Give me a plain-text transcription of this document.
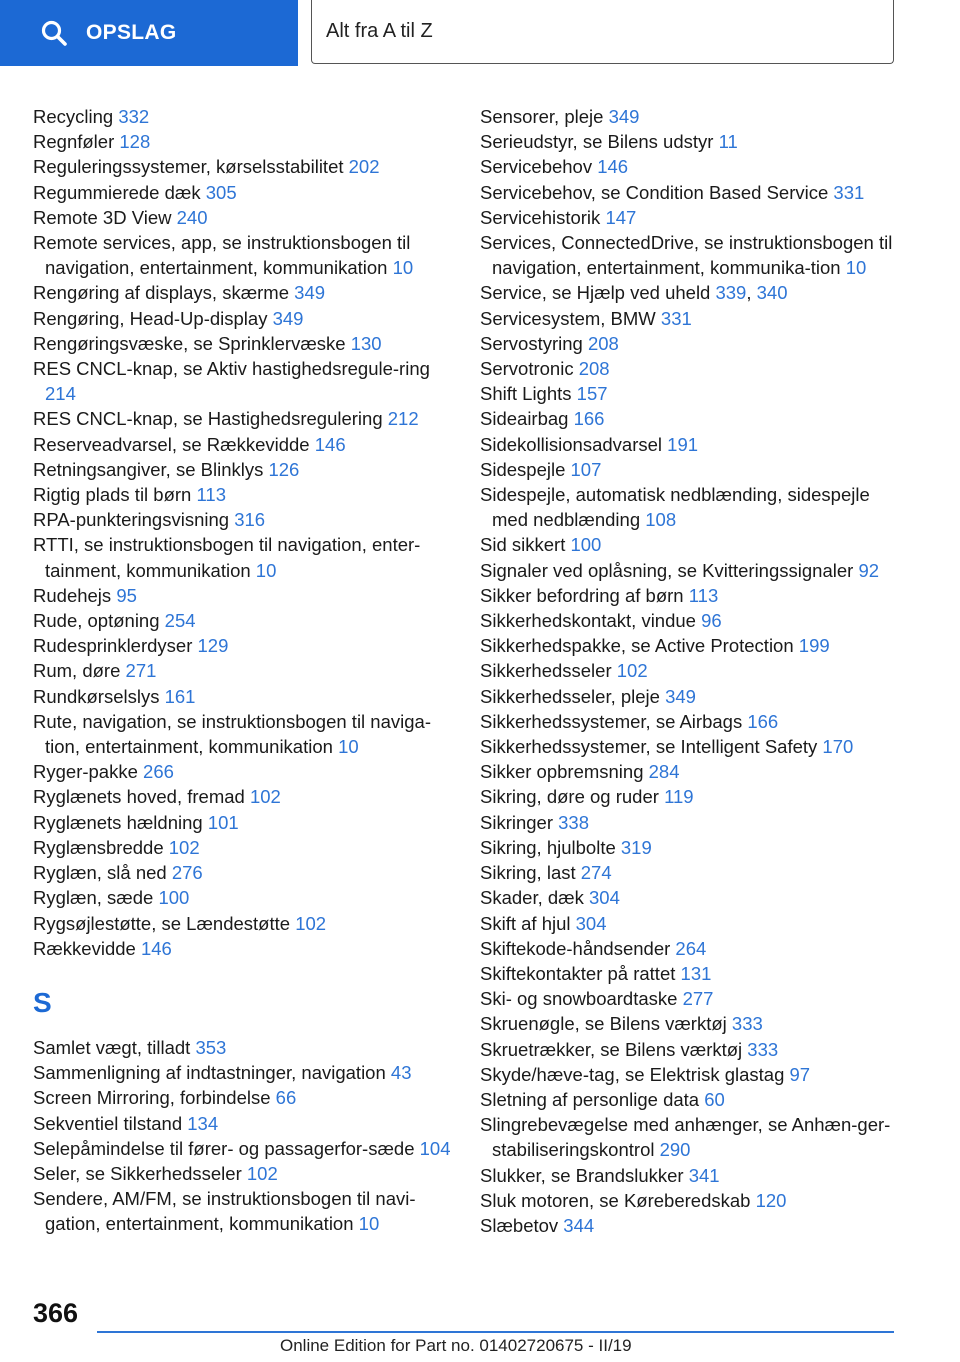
OPSLAG	Alt fra A til Z
Recycling 332
Regnføler 128
Reguleringssystemer, kørselsstabilitet 202
Regummierede dæk 305
Remote 3D View 240
Remote services, app, se instruktionsbogen til navigation, entertainment, kommunikation 10
Rengøring af displays, skærme 349
Rengøring, Head-Up-display 349
Rengøringsvæske, se Sprinklervæske 130
RES CNCL-knap, se Aktiv hastighedsregule-ring 214
RES CNCL-knap, se Hastighedsregulering 212
Reserveadvarsel, se Rækkevidde 146
Retningsangiver, se Blinklys 126
Rigtig plads til børn 113
RPA-punkteringsvisning 316
RTTI, se instruktionsbogen til navigation, enter-tainment, kommunikation 10
Rudehejs 95
Rude, optøning 254
Rudesprinklerdyser 129
Rum, døre 271
Rundkørselslys 161
Rute, navigation, se instruktionsbogen til naviga-tion, entertainment, kommunikation 10
Ryger-pakke 266
Ryglænets hoved, fremad 102
Ryglænets hældning 101
Ryglænsbredde 102
Ryglæn, slå ned 276
Ryglæn, sæde 100
Rygsøjlestøtte, se Lændestøtte 102
Rækkevidde 146
S
Samlet vægt, tilladt 353
Sammenligning af indtastninger, navigation 43
Screen Mirroring, forbindelse 66
Sekventiel tilstand 134
Selepåmindelse til fører- og passagerfor-sæde 104
Seler, se Sikkerhedsseler 102
Sendere, AM/FM, se instruktionsbogen til navi-gation, entertainment, kommunikation 10
Sensorer, pleje 349
Serieudstyr, se Bilens udstyr 11
Servicebehov 146
Servicebehov, se Condition Based Service 331
Servicehistorik 147
Services, ConnectedDrive, se instruktionsbogen til navigation, entertainment, kommunika-tion 10
Service, se Hjælp ved uheld 339, 340
Servicesystem, BMW 331
Servostyring 208
Servotronic 208
Shift Lights 157
Sideairbag 166
Sidekollisionsadvarsel 191
Sidespejle 107
Sidespejle, automatisk nedblænding, sidespejle med nedblænding 108
Sid sikkert 100
Signaler ved oplåsning, se Kvitteringssignaler 92
Sikker befordring af børn 113
Sikkerhedskontakt, vindue 96
Sikkerhedspakke, se Active Protection 199
Sikkerhedsseler 102
Sikkerhedsseler, pleje 349
Sikkerhedssystemer, se Airbags 166
Sikkerhedssystemer, se Intelligent Safety 170
Sikker opbremsning 284
Sikring, døre og ruder 119
Sikringer 338
Sikring, hjulbolte 319
Sikring, last 274
Skader, dæk 304
Skift af hjul 304
Skiftekode-håndsender 264
Skiftekontakter på rattet 131
Ski- og snowboardtaske 277
Skruenøgle, se Bilens værktøj 333
Skruetrækker, se Bilens værktøj 333
Skyde/hæve-tag, se Elektrisk glastag 97
Sletning af personlige data 60
Slingrebevægelse med anhænger, se Anhæn-ger-stabiliseringskontrol 290
Slukker, se Brandslukker 341
Sluk motoren, se Køreberedskab 120
Slæbetov 344
366
Online Edition for Part no. 01402720675 - II/19
